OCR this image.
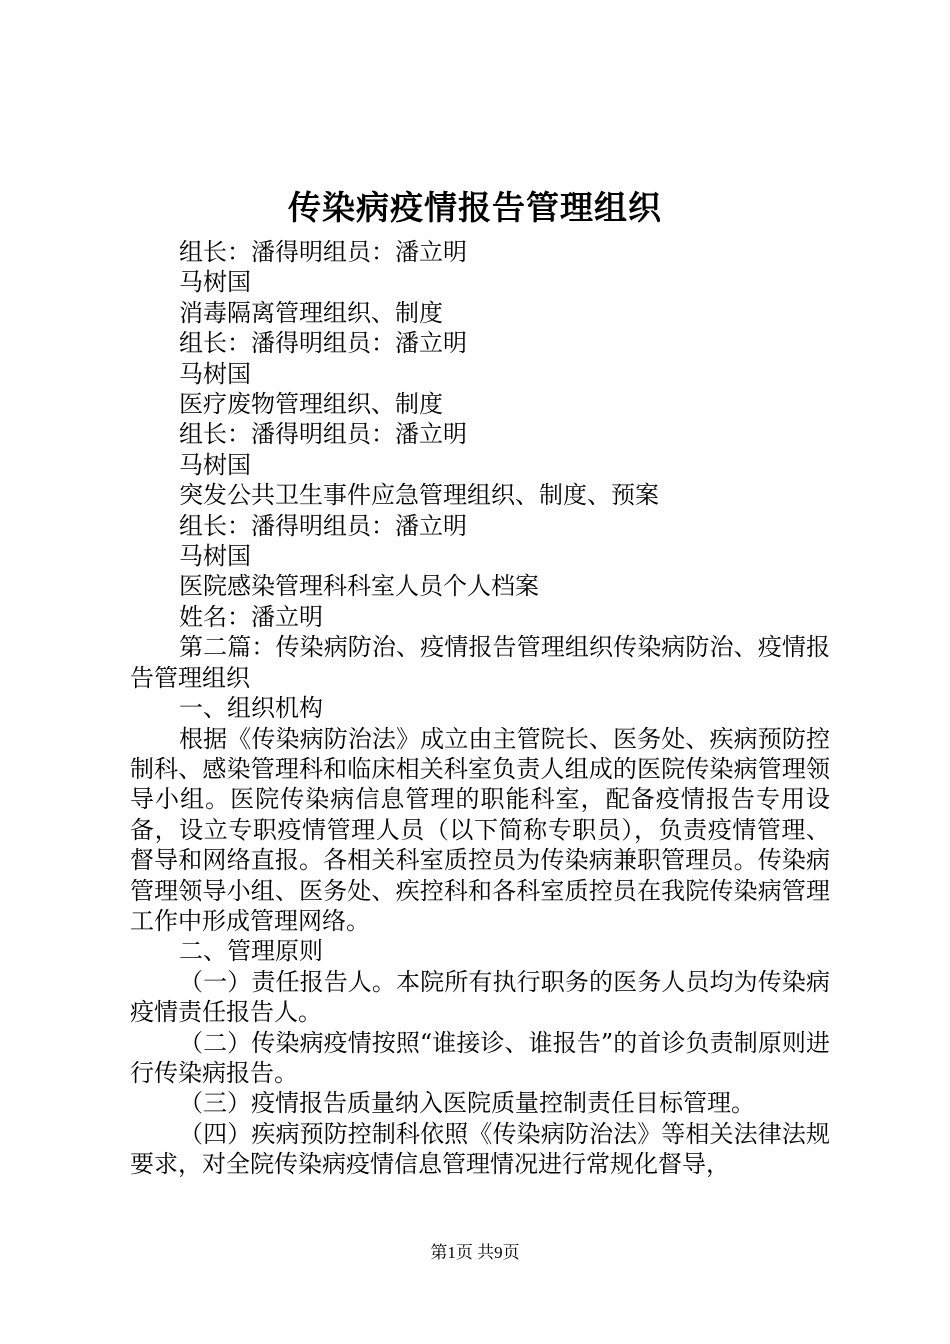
传染病疫情报告管理组织

组长：潘得明组员：潘立明

马树国

消毒隔离管理组织、制度

组长：潘得明组员：潘立明

马树国

医疗废物管理组织、制度

组长：潘得明组员：潘立明

马树国

突发公共卫生事件应急管理组织、制度、预案

组长：潘得明组员：潘立明

马树国

医院感染管理科科室人员个人档案

姓名：潘立明

第二篇：传染病防治、疫情报告管理组织传染病防治、疫情报告管理组织

一、组织机构

根据《传染病防治法》成立由主管院长、医务处、疾病预防控制科、感染管理科和临床相关科室负责人组成的医院传染病管理领导小组。医院传染病信息管理的职能科室，配备疫情报告专用设备，设立专职疫情管理人员（以下简称专职员），负责疫情管理、督导和网络直报。各相关科室质控员为传染病兼职管理员。传染病管理领导小组、医务处、疾控科和各科室质控员在我院传染病管理工作中形成管理网络。

二、管理原则

（一）责任报告人。本院所有执行职务的医务人员均为传染病疫情责任报告人。

（二）传染病疫情按照“谁接诊、谁报告”的首诊负责制原则进行传染病报告。

（三）疫情报告质量纳入医院质量控制责任目标管理。

（四）疾病预防控制科依照《传染病防治法》等相关法律法规要求，对全院传染病疫情信息管理情况进行常规化督导，

第1页 共9页
